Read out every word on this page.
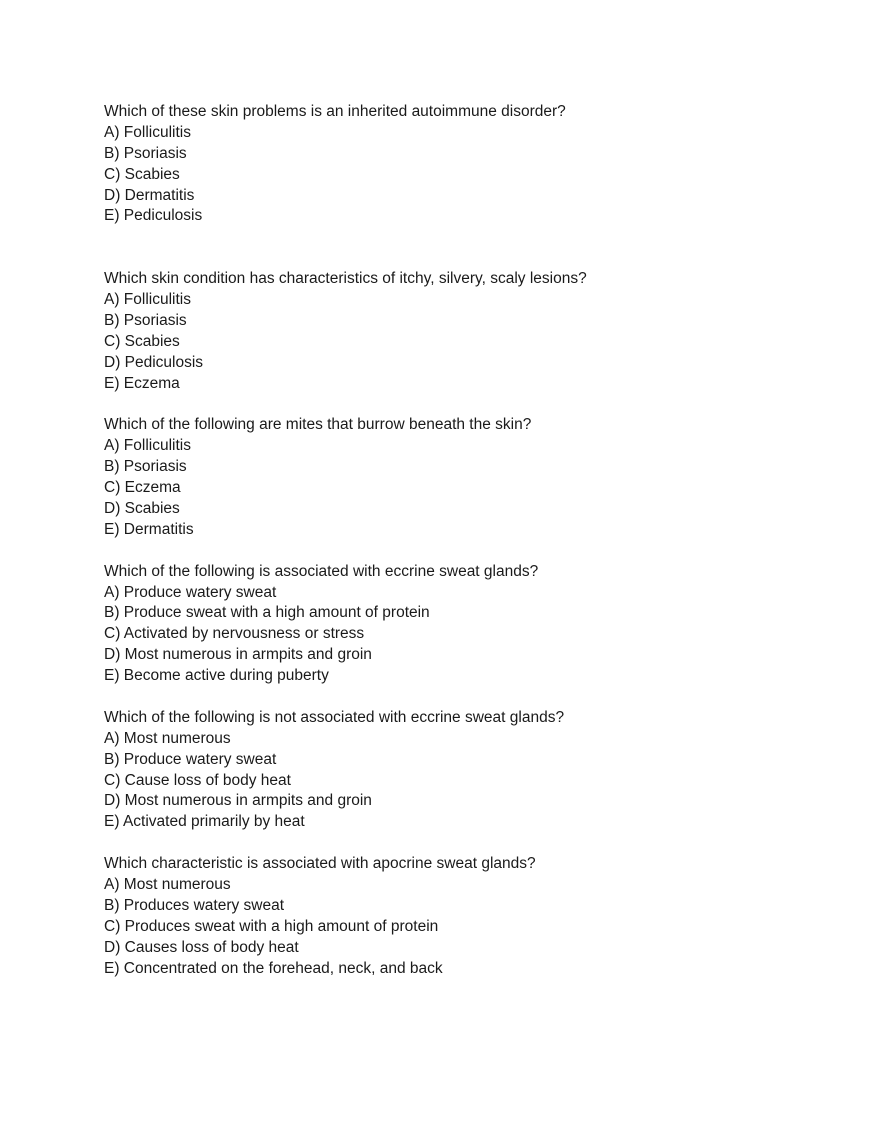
Which of these skin problems is an inherited autoimmune disorder?
A) Folliculitis
B) Psoriasis
C) Scabies
D) Dermatitis
E) Pediculosis
Which skin condition has characteristics of itchy, silvery, scaly lesions?
A) Folliculitis
B) Psoriasis
C) Scabies
D) Pediculosis
E) Eczema
Which of the following are mites that burrow beneath the skin?
A) Folliculitis
B) Psoriasis
C) Eczema
D) Scabies
E) Dermatitis
Which of the following is associated with eccrine sweat glands?
A) Produce watery sweat
B) Produce sweat with a high amount of protein
C) Activated by nervousness or stress
D) Most numerous in armpits and groin
E) Become active during puberty
Which of the following is not associated with eccrine sweat glands?
A) Most numerous
B) Produce watery sweat
C) Cause loss of body heat
D) Most numerous in armpits and groin
E) Activated primarily by heat
Which characteristic is associated with apocrine sweat glands?
A) Most numerous
B) Produces watery sweat
C) Produces sweat with a high amount of protein
D) Causes loss of body heat
E) Concentrated on the forehead, neck, and back
